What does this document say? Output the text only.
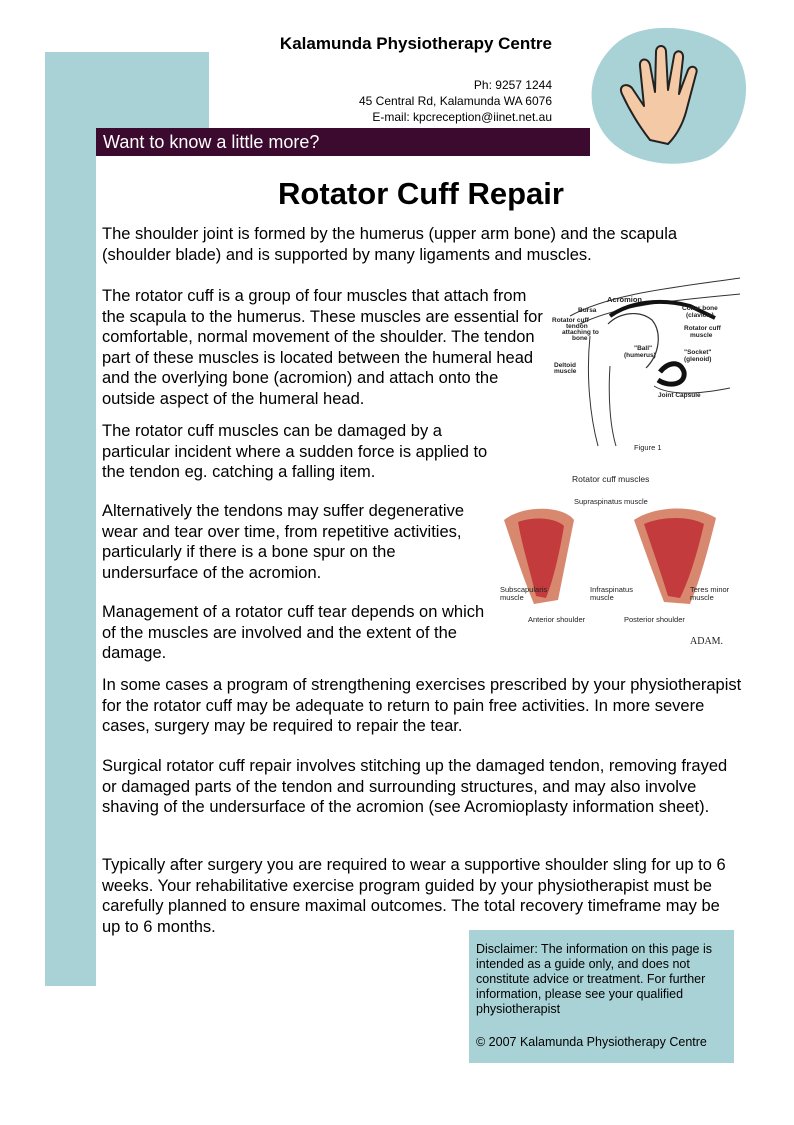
Kalamunda Physiotherapy Centre
Ph: 9257 1244
45 Central Rd, Kalamunda WA 6076
E-mail: kpcreception@iinet.net.au
Want to know a little more?
Rotator Cuff Repair

The shoulder joint is formed by the humerus (upper arm bone) and the scapula (shoulder blade) and is supported by many ligaments and muscles.

The rotator cuff is a group of four muscles that attach from the scapula to the humerus. These muscles are essential for comfortable, normal movement of the shoulder. The tendon part of these muscles is located between the humeral head and the overlying bone (acromion) and attach onto the outside aspect of the humeral head.

The rotator cuff muscles can be damaged by a particular incident where a sudden force is applied to the tendon eg. catching a falling item.

Alternatively the tendons may suffer degenerative wear and tear over time, from repetitive activities, particularly if there is a bone spur on the undersurface of the acromion.

Management of a rotator cuff tear depends on which of the muscles are involved and the extent of the damage.

In some cases a program of strengthening exercises prescribed by your physiotherapist for the rotator cuff may be adequate to return to pain free activities. In more severe cases, surgery may be required to repair the tear.

Surgical rotator cuff repair involves stitching up the damaged tendon, removing frayed or damaged parts of the tendon and surrounding structures, and may also involve shaving of the undersurface of the acromion (see Acromioplasty information sheet).

Typically after surgery you are required to wear a supportive shoulder sling for up to 6 weeks. Your rehabilitative exercise program guided by your physiotherapist must be carefully planned to ensure maximal outcomes. The total recovery timeframe may be up to 6 months.

Acromion
Bursa	Collar bone
(clavicle)
Rotator cuff
tendon
attaching to
bone
Rotator cuff
muscle
"Ball"
(humerus)	"Socket"
(glenoid)
Deltoid
muscle
Joint Capsule
Figure 1
Rotator cuff muscles
Supraspinatus muscle
Subscapularis
muscle
Infraspinatus
muscle
Teres minor
muscle
Anterior shoulder	Posterior shoulder
ADAM.
Disclaimer: The information on this page is intended as a guide only, and does not constitute advice or treatment. For further information, please see your qualified physiotherapist
© 2007 Kalamunda Physiotherapy Centre
